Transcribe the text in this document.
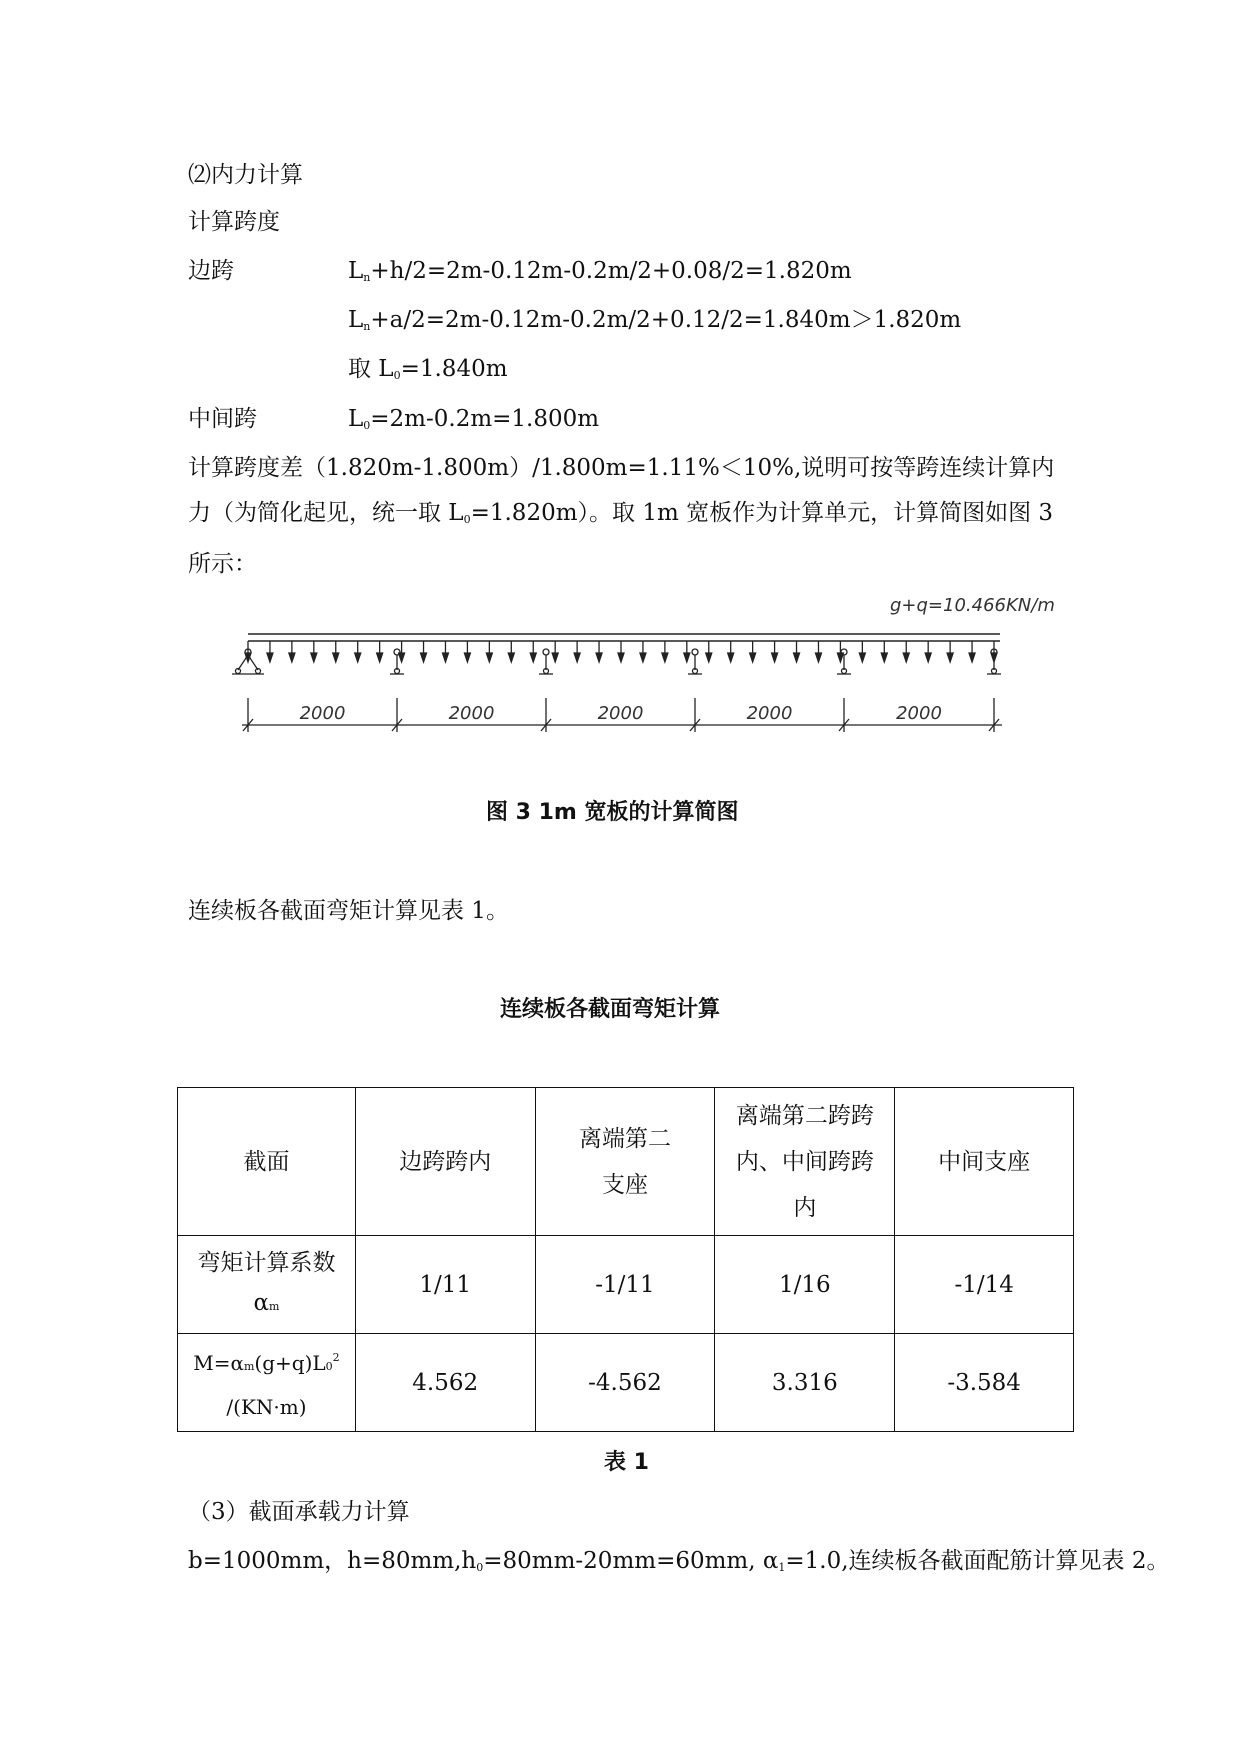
⑵内力计算
计算跨度
边跨	$L_n+h/2=2m-0.12m-0.2m/2+0.08/2=1.820m$
$L_n+a/2=2m-0.12m-0.2m/2+0.12/2=1.840m>1.820m$
取 $L_0=1.840m$
中间跨	$L_0=2m-0.2m=1.800m$
计算跨度差（1.820m-1.800m）/1.800m=1.11%＜10%,说明可按等跨连续计算内力（为简化起见，统一取 $L_0=1.820m$）。取 1m 宽板作为计算单元，计算简图如图 3 所示：
g+q=10.466KN/m
2000	2000	2000	2000	2000
图 3 1m 宽板的计算简图
连续板各截面弯矩计算见表 1。
连续板各截面弯矩计算
截面	边跨跨内	离端第二支座	离端第二跨跨内、中间跨跨内	中间支座

弯矩计算系数
αm	1/11	-1/11	1/16	-1/14

$M=\alpha m(g+q)L0^2$
/(KN·m)	4.562	-4.562	3.316	-3.584
表 1
（3）截面承载力计算
b=1000mm，$h=80mm,h_0=80mm-20mm=60mm$, $\alpha_1=1.0$,连续板各截面配筋计算见表 2。
